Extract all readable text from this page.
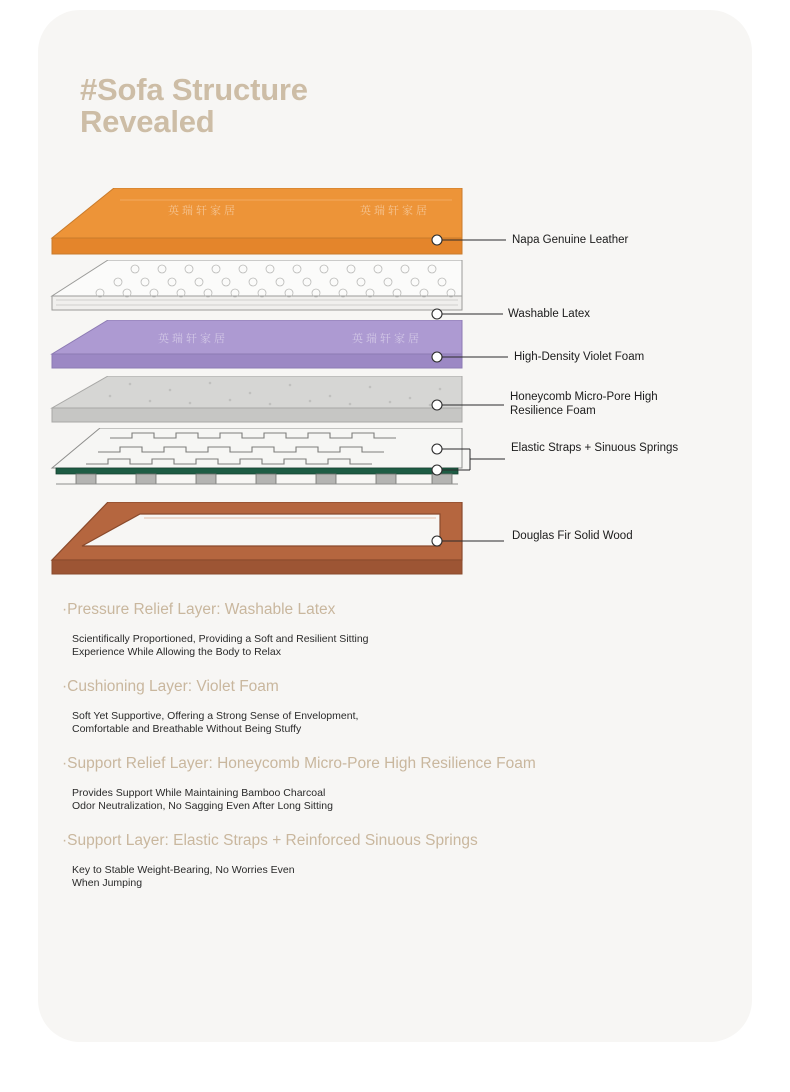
#Sofa Structure
Revealed
英瑞轩家居	英瑞轩家居
英瑞轩家居	英瑞轩家居
Napa Genuine Leather
Washable Latex
High-Density Violet Foam
Honeycomb Micro-Pore High Resilience Foam
Elastic Straps + Sinuous Springs
Douglas Fir Solid Wood
·Pressure Relief Layer: Washable Latex
Scientifically Proportioned, Providing a Soft and Resilient Sitting
Experience While Allowing the Body to Relax
·Cushioning Layer: Violet Foam
Soft Yet Supportive, Offering a Strong Sense of Envelopment,
Comfortable and Breathable Without Being Stuffy
·Support Relief Layer: Honeycomb Micro-Pore High Resilience Foam
Provides Support While Maintaining Bamboo Charcoal
Odor Neutralization, No Sagging Even After Long Sitting
·Support Layer: Elastic Straps + Reinforced Sinuous Springs
Key to Stable Weight-Bearing, No Worries Even
When Jumping
